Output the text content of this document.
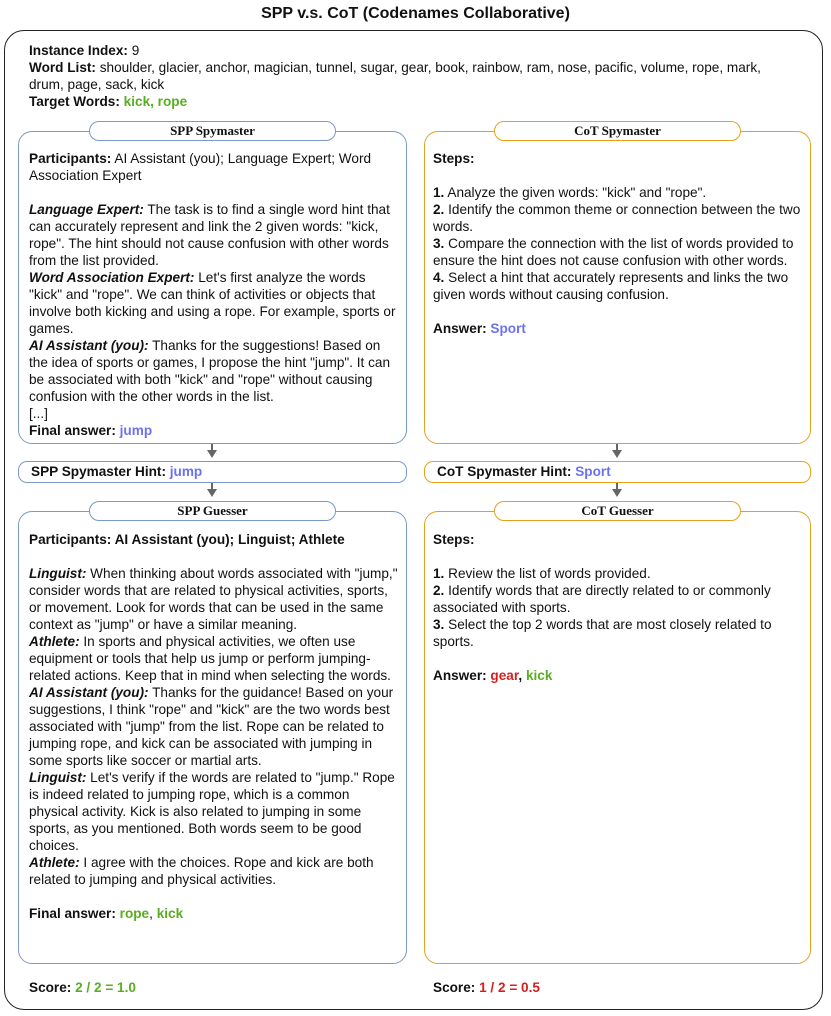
SPP v.s. CoT (Codenames Collaborative)

Instance Index: 9

Word List: shoulder, glacier, anchor, magician, tunnel, sugar, gear, book, rainbow, ram, nose, pacific, volume, rope, mark, drum, page, sack, kick

Target Words: kick, rope

SPP Spymaster

Participants: AI Assistant (you); Language Expert; Word Association Expert

Language Expert: The task is to find a single word hint that can accurately represent and link the 2 given words: "kick, rope". The hint should not cause confusion with other words from the list provided.

Word Association Expert: Let's first analyze the words "kick" and "rope". We can think of activities or objects that involve both kicking and using a rope. For example, sports or games.

AI Assistant (you): Thanks for the suggestions! Based on the idea of sports or games, I propose the hint "jump". It can be associated with both "kick" and "rope" without causing confusion with the other words in the list.

[...]

Final answer: jump

CoT Spymaster

Steps:

1. Analyze the given words: "kick" and "rope".

2. Identify the common theme or connection between the two words.

3. Compare the connection with the list of words provided to ensure the hint does not cause confusion with other words.

4. Select a hint that accurately represents and links the two given words without causing confusion.

Answer: Sport

SPP Spymaster Hint: jump	CoT Spymaster Hint: Sport
SPP Guesser

Participants: AI Assistant (you); Linguist; Athlete

Linguist: When thinking about words associated with "jump," consider words that are related to physical activities, sports, or movement. Look for words that can be used in the same context as "jump" or have a similar meaning.

Athlete: In sports and physical activities, we often use equipment or tools that help us jump or perform jumping-related actions. Keep that in mind when selecting the words.

AI Assistant (you): Thanks for the guidance! Based on your suggestions, I think "rope" and "kick" are the two words best associated with "jump" from the list. Rope can be related to jumping rope, and kick can be associated with jumping in some sports like soccer or martial arts.

Linguist: Let's verify if the words are related to "jump." Rope is indeed related to jumping rope, which is a common physical activity. Kick is also related to jumping in some sports, as you mentioned. Both words seem to be good choices.

Athlete: I agree with the choices. Rope and kick are both related to jumping and physical activities.

Final answer: rope, kick

CoT Guesser

Steps:

1. Review the list of words provided.

2. Identify words that are directly related to or commonly associated with sports.

3. Select the top 2 words that are most closely related to sports.

Answer: gear, kick

Score: 2 / 2 = 1.0	Score: 1 / 2 = 0.5
